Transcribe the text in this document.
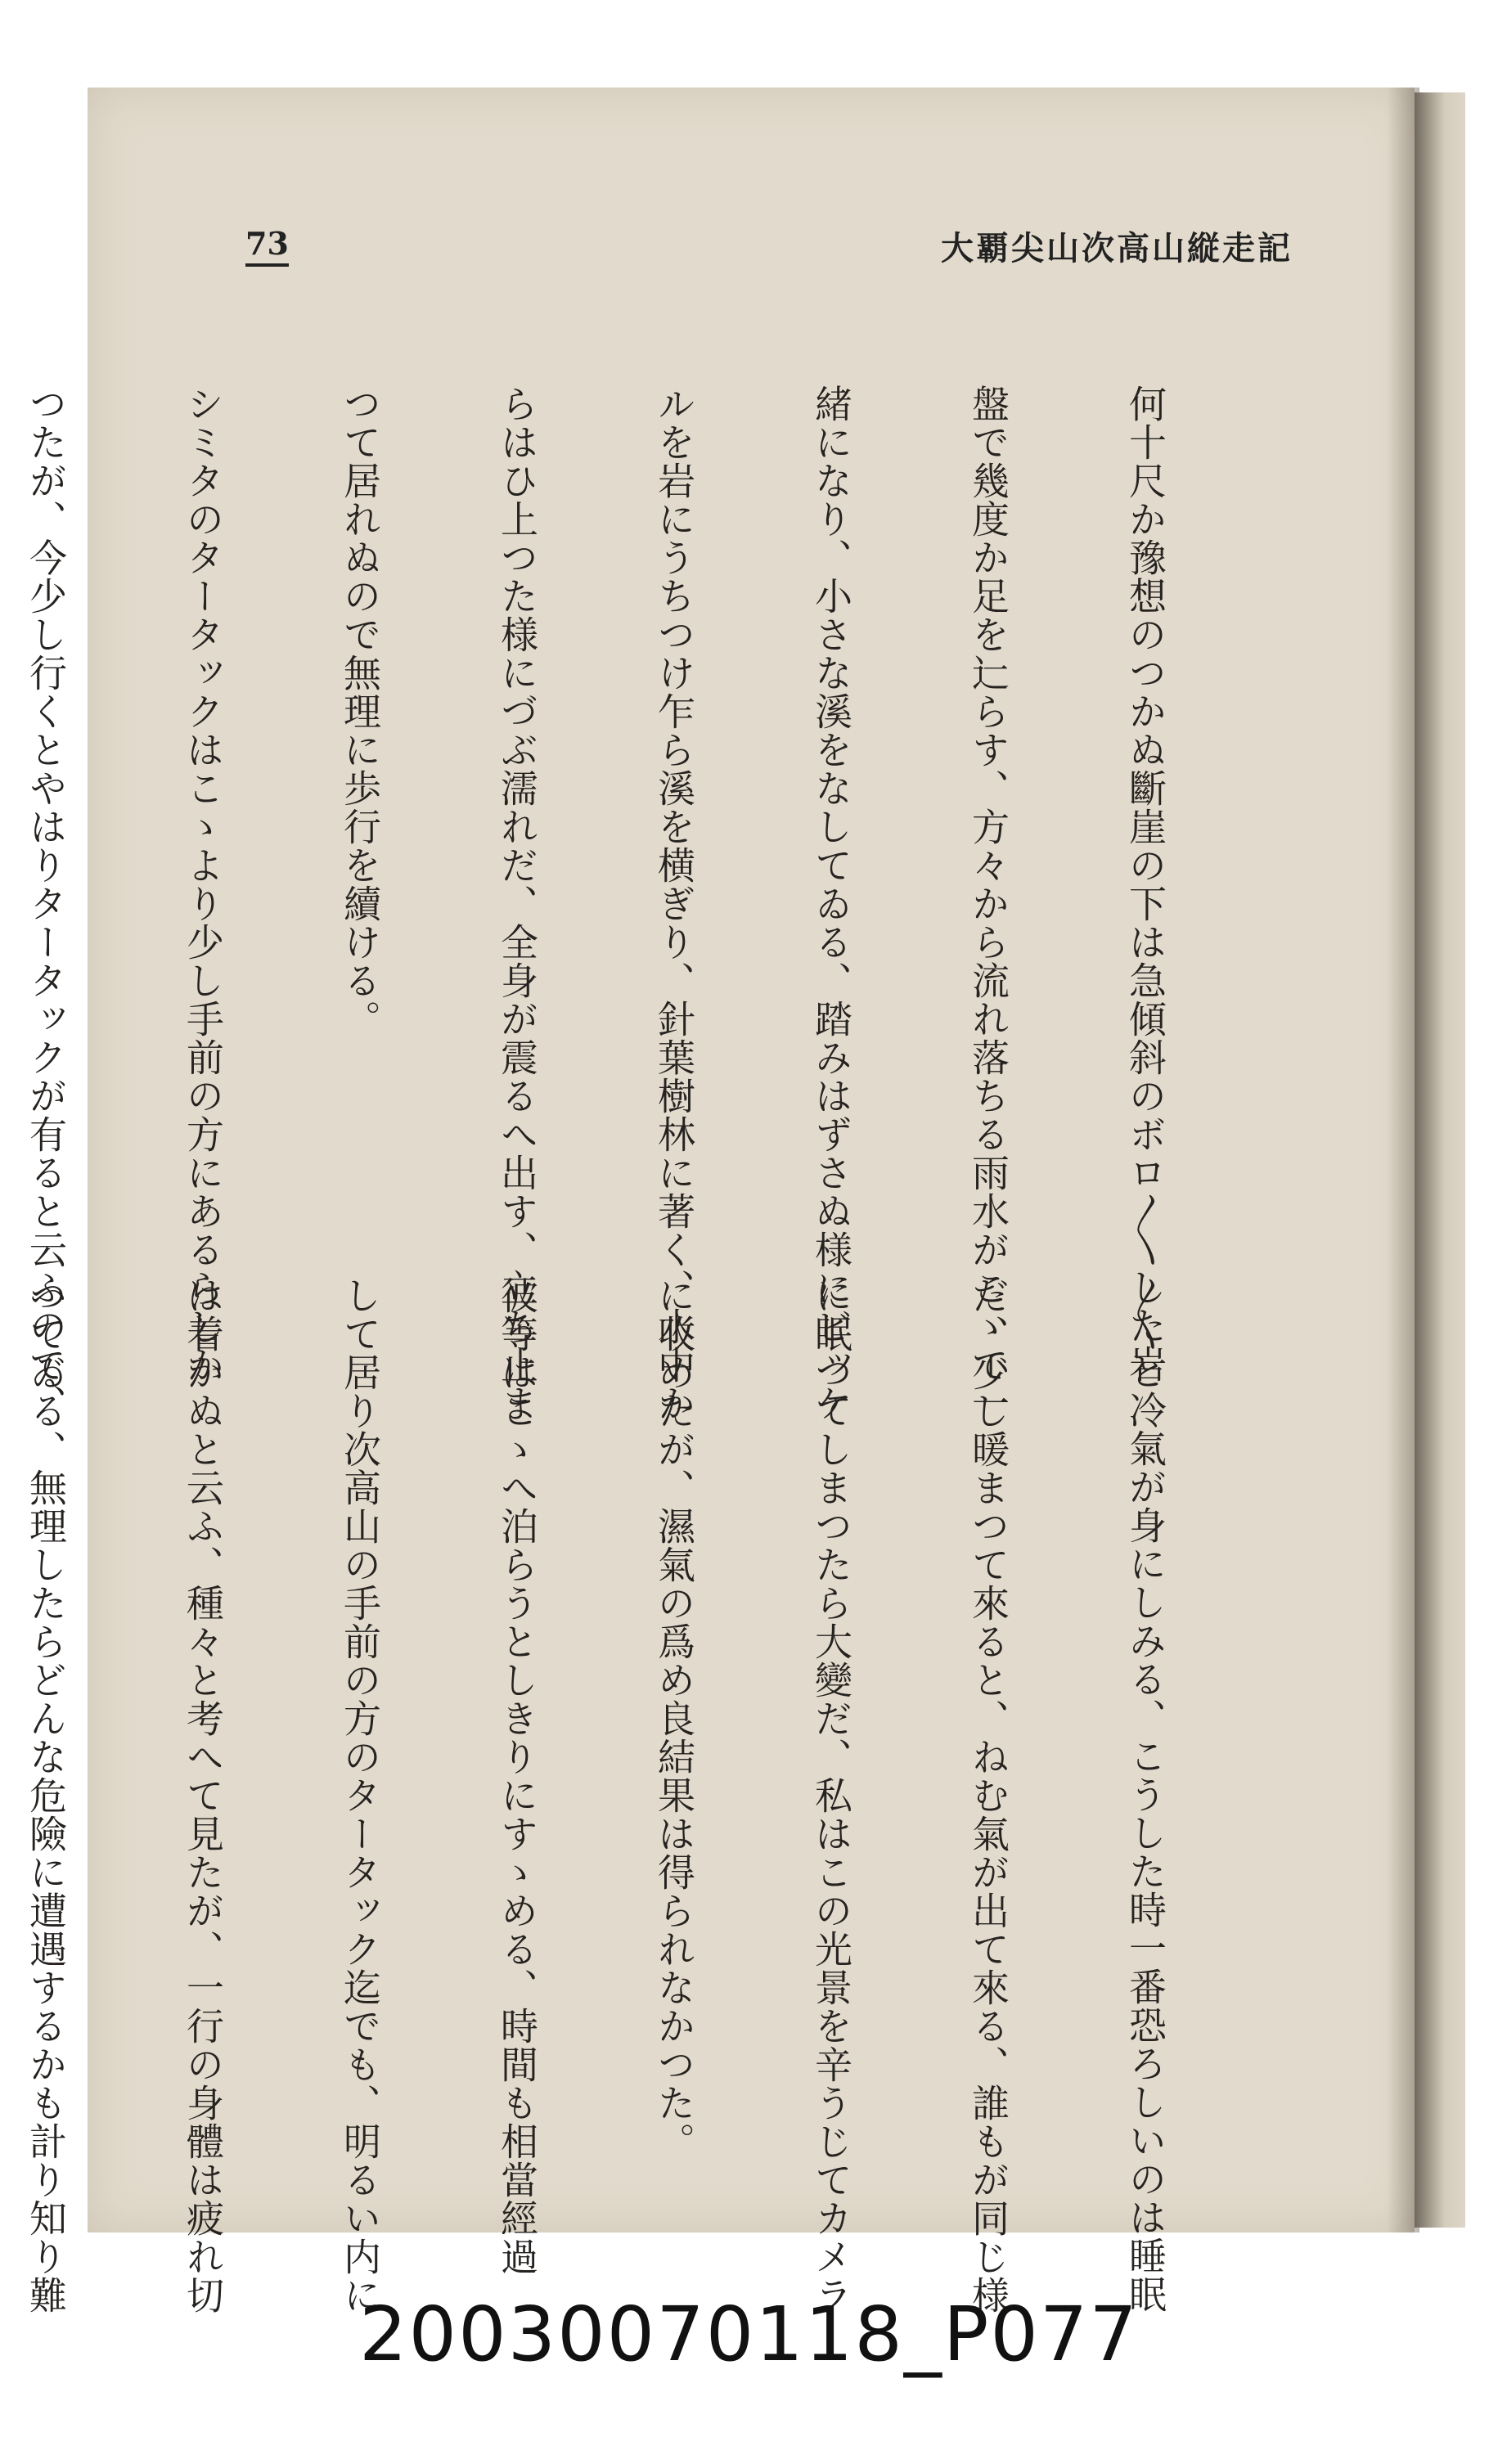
73	大覇尖山次高山縦走記

何十尺か豫想のつかぬ斷崖の下は急傾斜のボロ〳〵した岩

盤で幾度か足を辷らす、方々から流れ落ちる雨水がこゝで一

緒になり、小さな溪をなしてゐる、踏みはずさぬ様にビッケ

ルを岩にうちつけ乍ら溪を横ぎり、針葉樹林に著く、水中か

らはひ上つた様にづぶ濡れだ、全身が震るへ出す、立ち止ま

つて居れぬので無理に歩行を續ける。

シミタのタータックはこゝより少し手前の方にあるらしか

つたが、今少し行くとやはりタータックが有ると云ふので、

〳〵と冷氣が身にしみる、こうした時一番恐ろしいのは睡眠

だ、少し暖まつて來ると、ねむ氣が出て來る、誰もが同じ様

に眠つてしまつたら大變だ、私はこの光景を辛うじてカメラ

に收めたが、濕氣の爲め良結果は得られなかつた。

彼等はこゝへ泊らうとしきりにすゝめる、時間も相當經過

して居り次高山の手前の方のタータック迄でも、明るい内に

は着かぬと云ふ、種々と考へて見たが、一行の身體は疲れ切

つてゐる、無理したらどんな危險に遭遇するかも計り知り難

20030070118_P077
